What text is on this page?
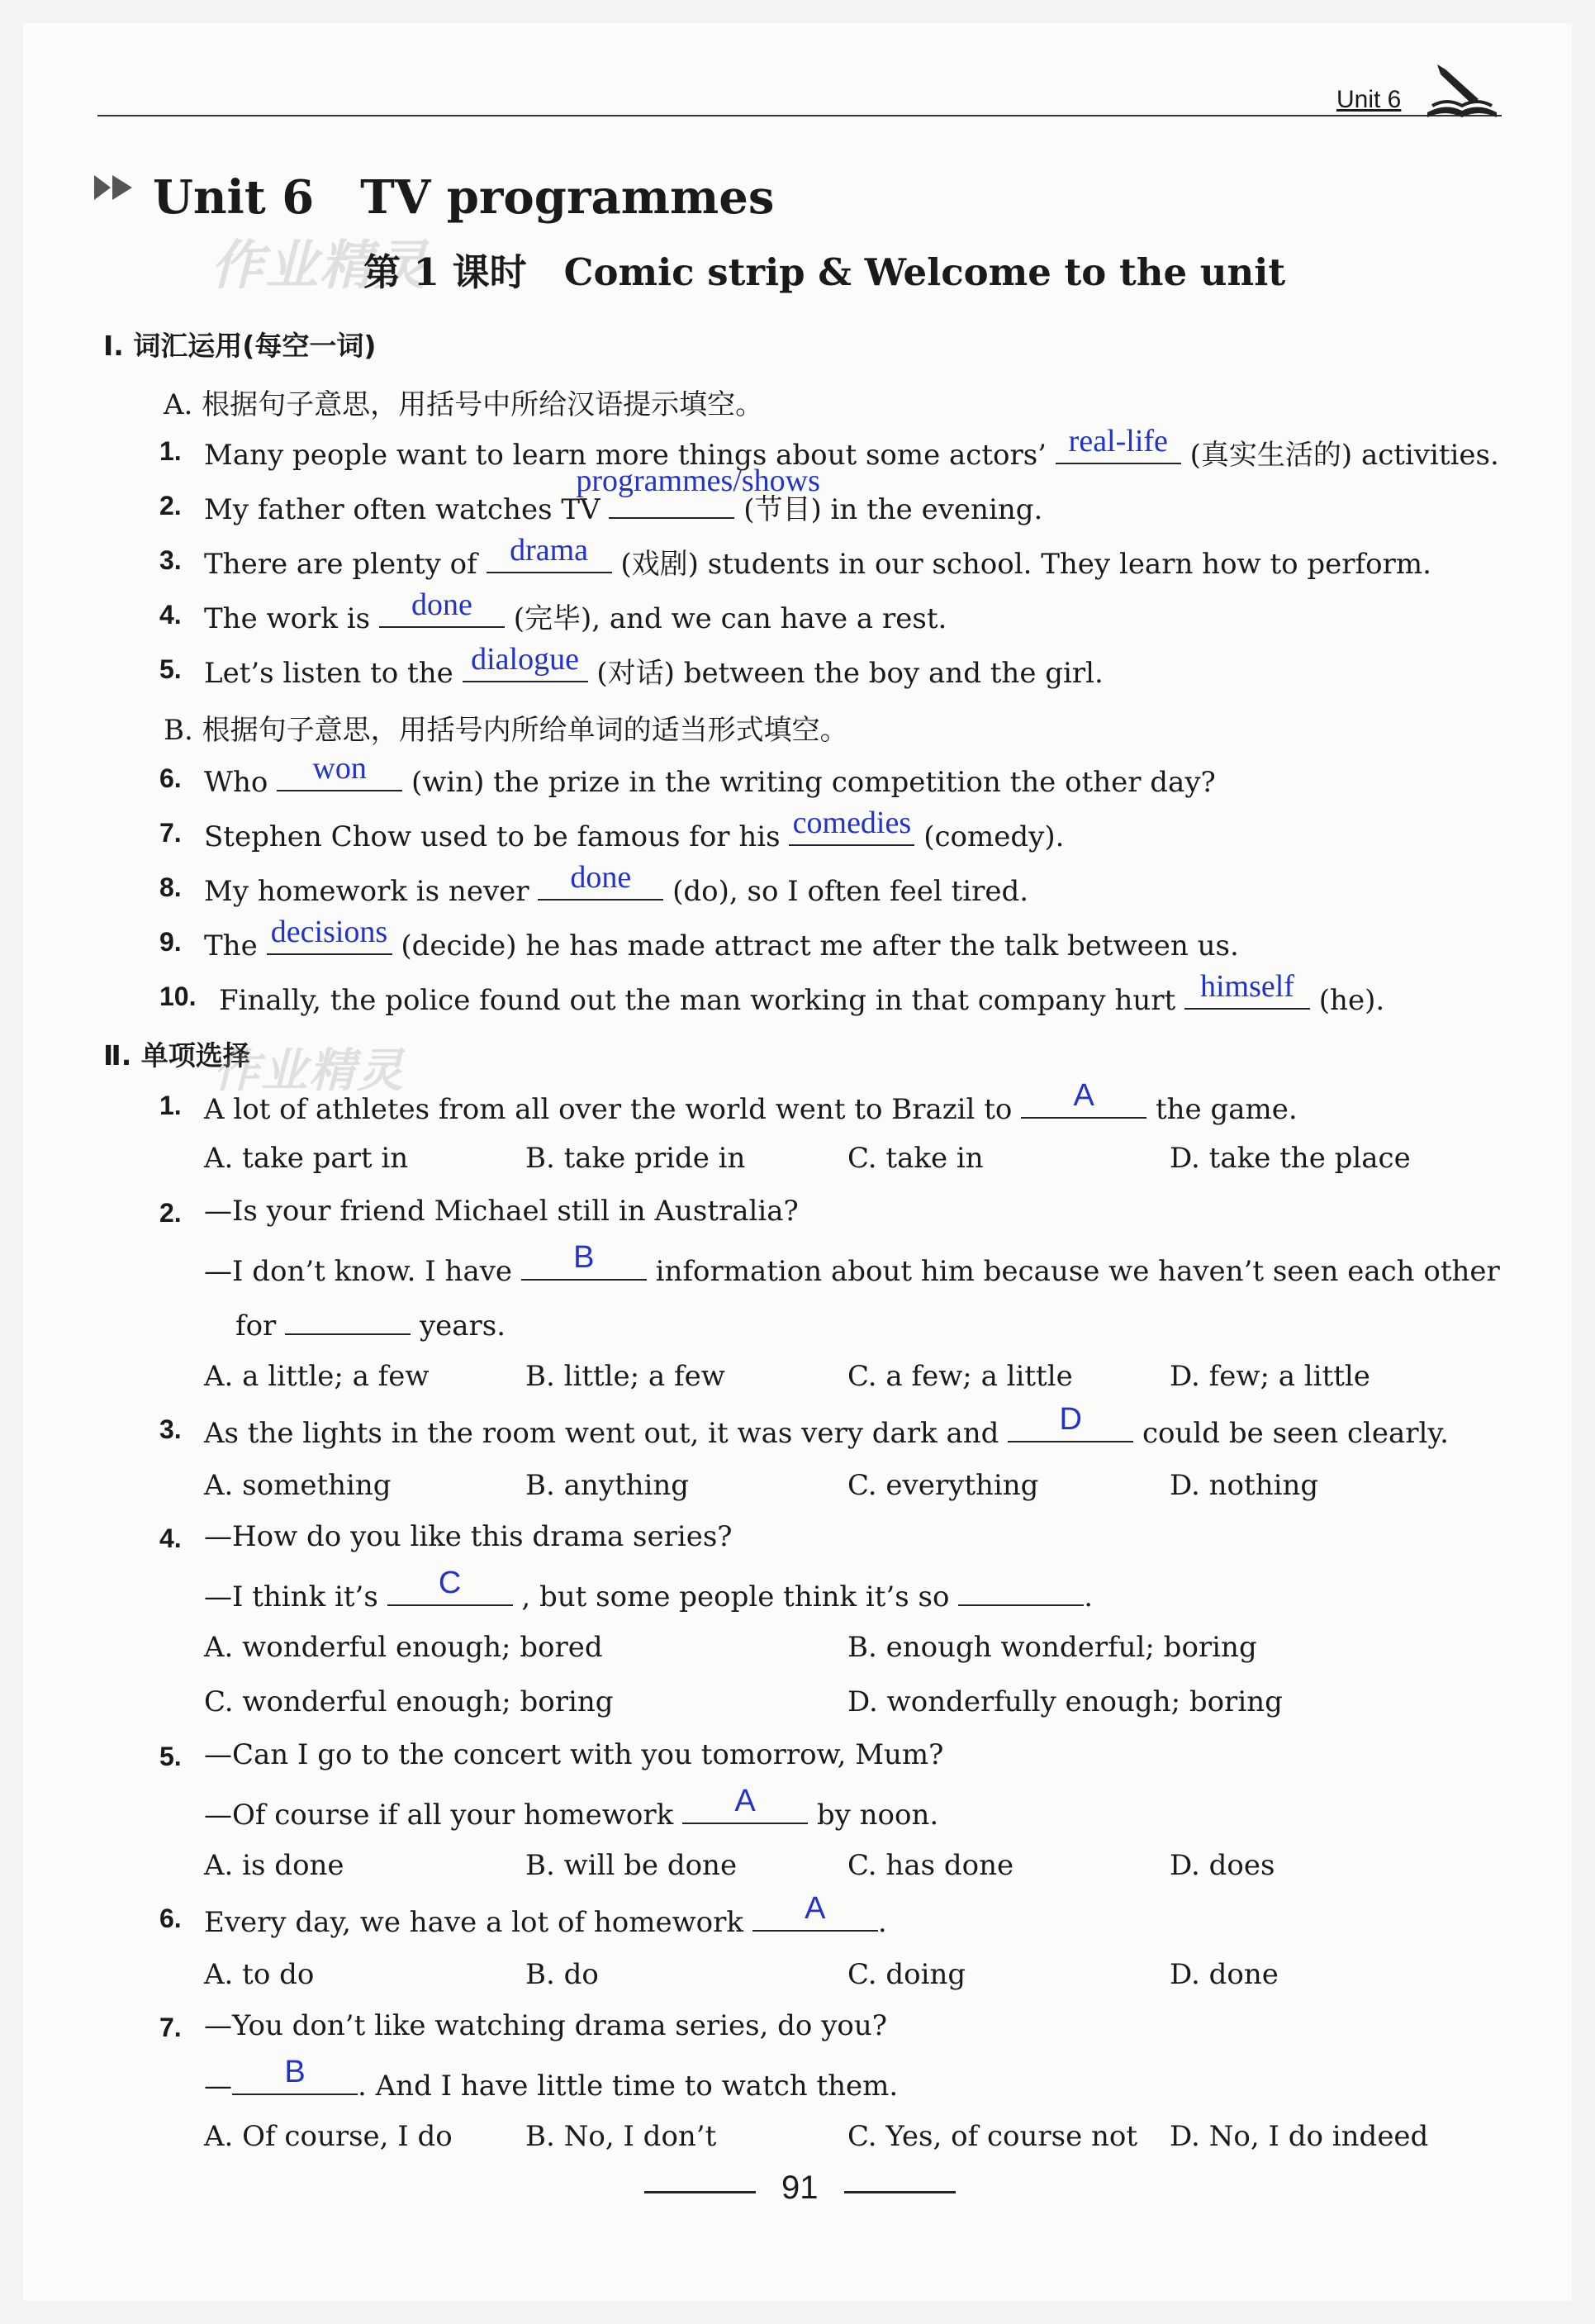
Unit 6
Unit 6　TV programmes
作业精灵
第 1 课时　Comic strip & Welcome to the unit
Ⅰ. 词汇运用(每空一词)
A. 根据句子意思，用括号中所给汉语提示填空。
1. Many people want to learn more things about some actors’ real-life (真实生活的) activities.
2. My father often watches TV
programmes/shows
(节目) in the evening.
3. There are plenty of	drama	(戏剧) students in our school. They learn how to perform.
4. The work is	done	(完毕), and we can have a rest.
5. Let’s listen to the dialogue (对话) between the boy and the girl.
B. 根据句子意思，用括号内所给单词的适当形式填空。
6. Who	won	(win) the prize in the writing competition the other day?
7. Stephen Chow used to be famous for his comedies (comedy).
8. My homework is never	done	(do), so I often feel tired.
9. The decisions (decide) he has made attract me after the talk between us.
10. Finally, the police found out the man working in that company hurt himself (he).
Ⅱ. 单项选择
作业精灵
1. A lot of athletes from all over the world went to Brazil to	A	the game.
A. take part in	B. take pride in	C. take in	D. take the place
2. —Is your friend Michael still in Australia?
—I don’t know. I have	B	information about him because we haven’t seen each other
for	years.
A. a little; a few	B. little; a few	C. a few; a little	D. few; a little
3. As the lights in the room went out, it was very dark and	D	could be seen clearly.
A. something	B. anything	C. everything	D. nothing
4. —How do you like this drama series?
—I think it’s	C	, but some people think it’s so	.
A. wonderful enough; bored	B. enough wonderful; boring
C. wonderful enough; boring	D. wonderfully enough; boring
5. —Can I go to the concert with you tomorrow, Mum?
—Of course if all your homework	A	by noon.
A. is done	B. will be done	C. has done	D. does
6. Every day, we have a lot of homework	A	.
A. to do	B. do	C. doing	D. done
7. —You don’t like watching drama series, do you?
—	B	. And I have little time to watch them.
A. Of course, I do	B. No, I don’t	C. Yes, of course not D. No, I do indeed
91
